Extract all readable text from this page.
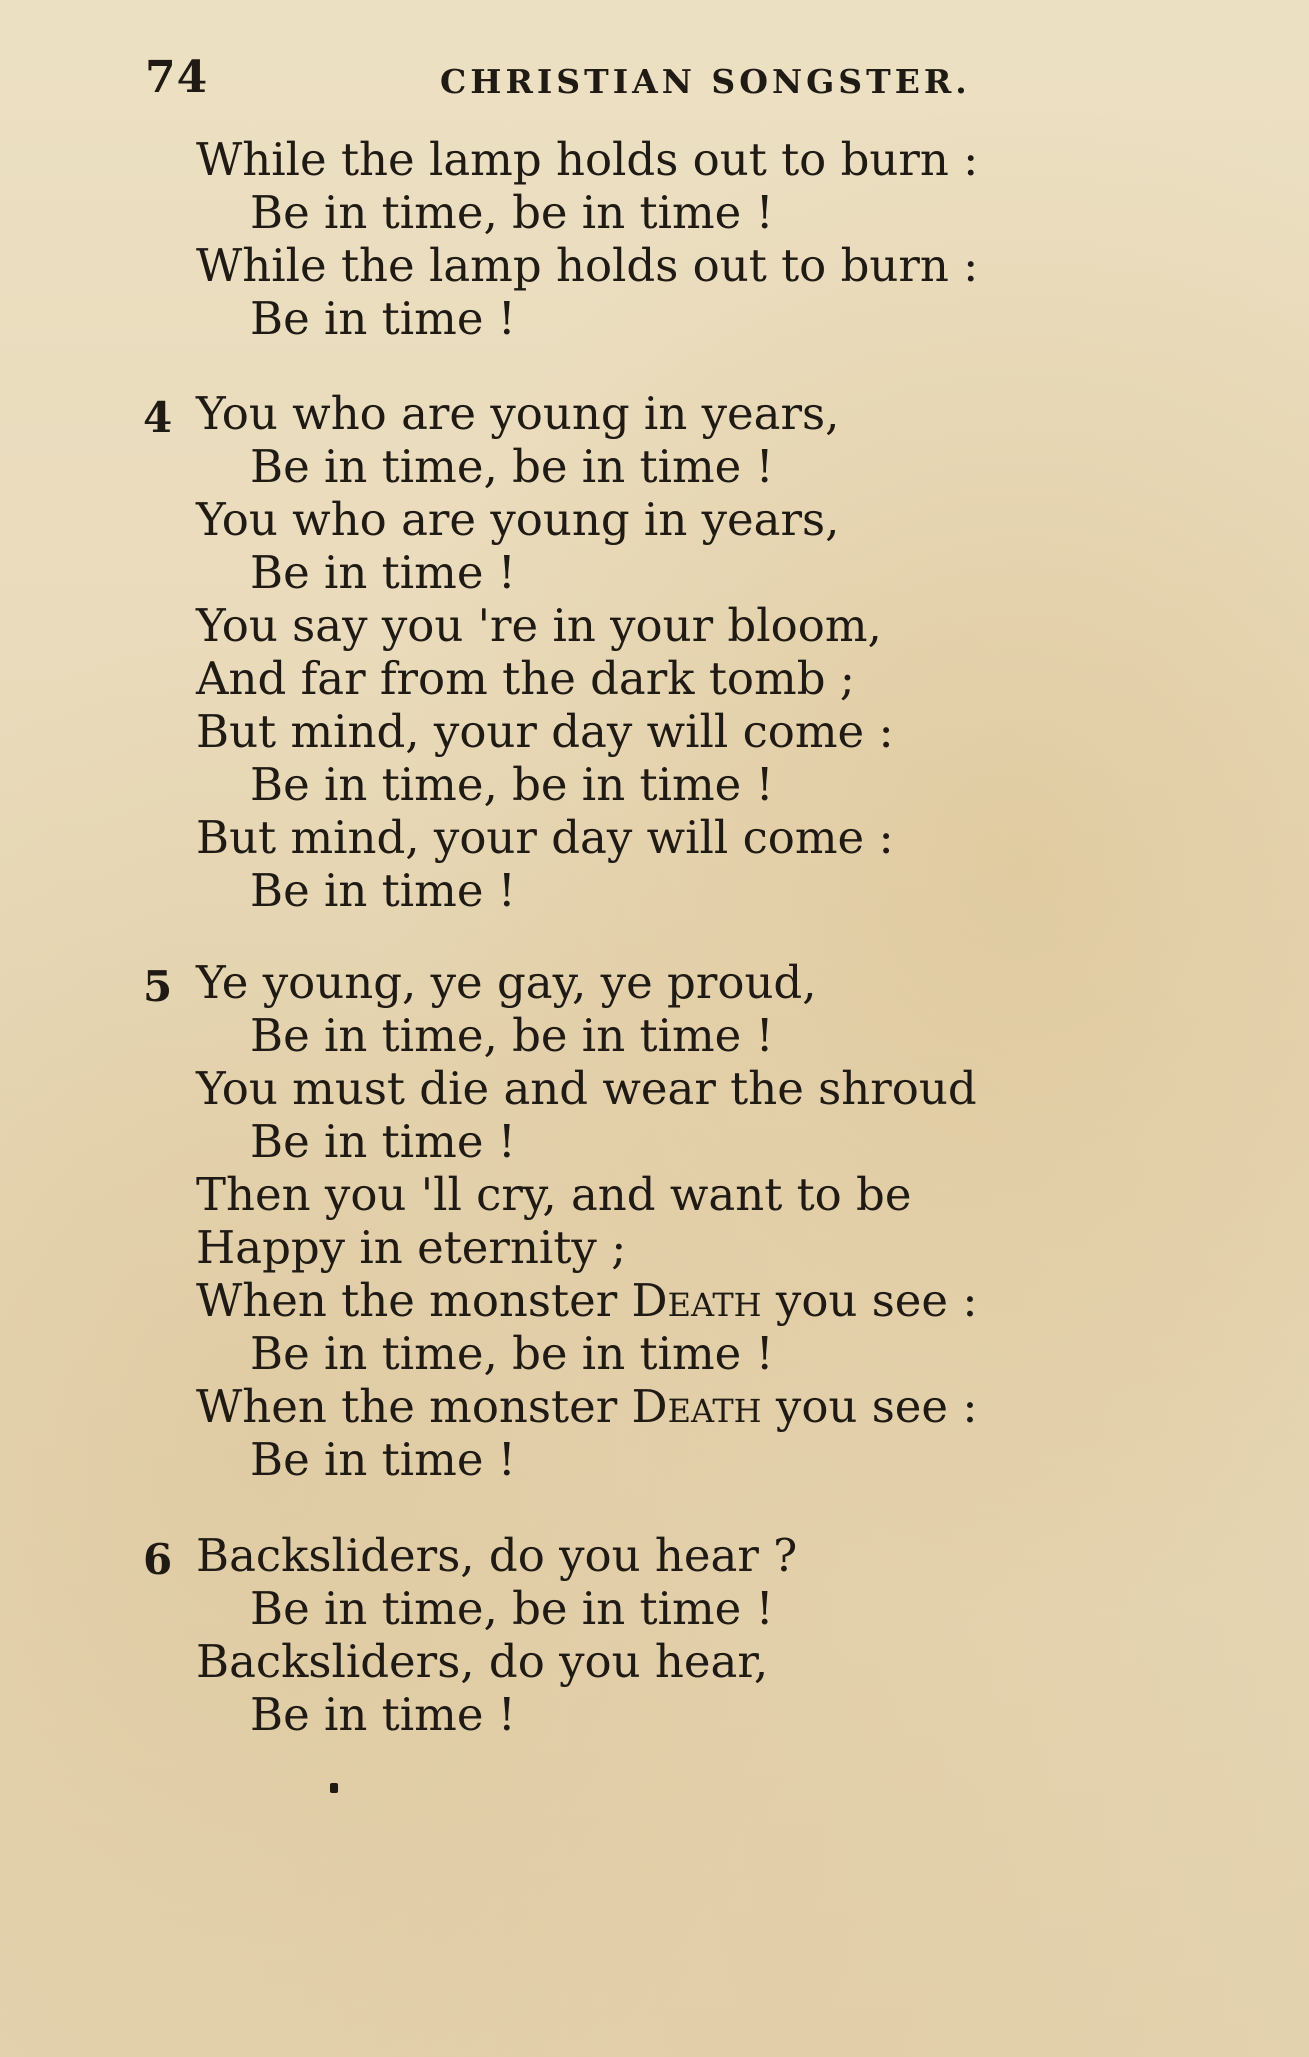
74	CHRISTIAN SONGSTER.
While the lamp holds out to burn :
Be in time, be in time !
While the lamp holds out to burn :
Be in time !
4 You who are young in years,
Be in time, be in time !
You who are young in years,
Be in time !
You say you 're in your bloom,
And far from the dark tomb ;
But mind, your day will come :
Be in time, be in time !
But mind, your day will come :
Be in time !
5 Ye young, ye gay, ye proud,
Be in time, be in time !
You must die and wear the shroud
Be in time !
Then you 'll cry, and want to be
Happy in eternity ;
When the monster Death you see :
Be in time, be in time !
When the monster Death you see :
Be in time !
6 Backsliders, do you hear ?
Be in time, be in time !
Backsliders, do you hear,
Be in time !
